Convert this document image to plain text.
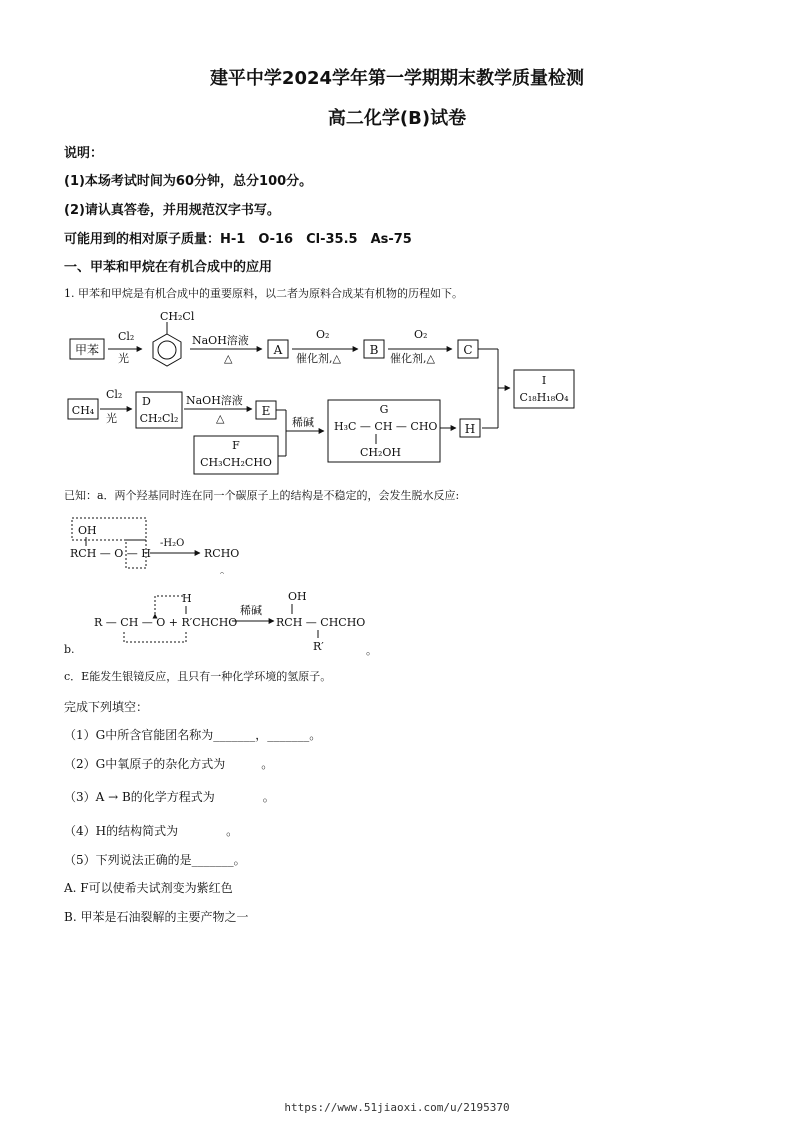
建平中学2024学年第一学期期末教学质量检测
高二化学(B)试卷
说明：
(1)本场考试时间为60分钟，总分100分。
(2)请认真答卷，并用规范汉字书写。
可能用到的相对原子质量：H-1　O-16　Cl-35.5　As-75
一、甲苯和甲烷在有机合成中的应用
1. 甲苯和甲烷是有机合成中的重要原料，以二者为原料合成某有机物的历程如下。
甲苯
Cl₂
光
CH₂Cl
NaOH溶液
△
A
O₂
催化剂,△
B
O₂
催化剂,△
C
I
C₁₈H₁₈O₄
CH₄
Cl₂
光
D
CH₂Cl₂
NaOH溶液
△
E
F
CH₃CH₂CHO
稀碱
G
H₃C — CH — CHO
CH₂OH
H
已知：a．两个羟基同时连在同一个碳原子上的结构是不稳定的，会发生脱水反应:
OH
RCH — O — H
-H₂O
RCHO
。
H
R — CH — O + R′CHCHO
稀碱
OH
RCH — CHCHO
R′	。
b.
c．E能发生银镜反应，且只有一种化学环境的氢原子。
完成下列填空：
（1）G中所含官能团名称为_______，_______。
（2）G中氧原子的杂化方式为　　　。
（3）A → B的化学方程式为　　　　。
（4）H的结构简式为　　　　。
（5）下列说法正确的是_______。
A. F可以使希夫试剂变为紫红色
B. 甲苯是石油裂解的主要产物之一
https://www.51jiaoxi.com/u/2195370
